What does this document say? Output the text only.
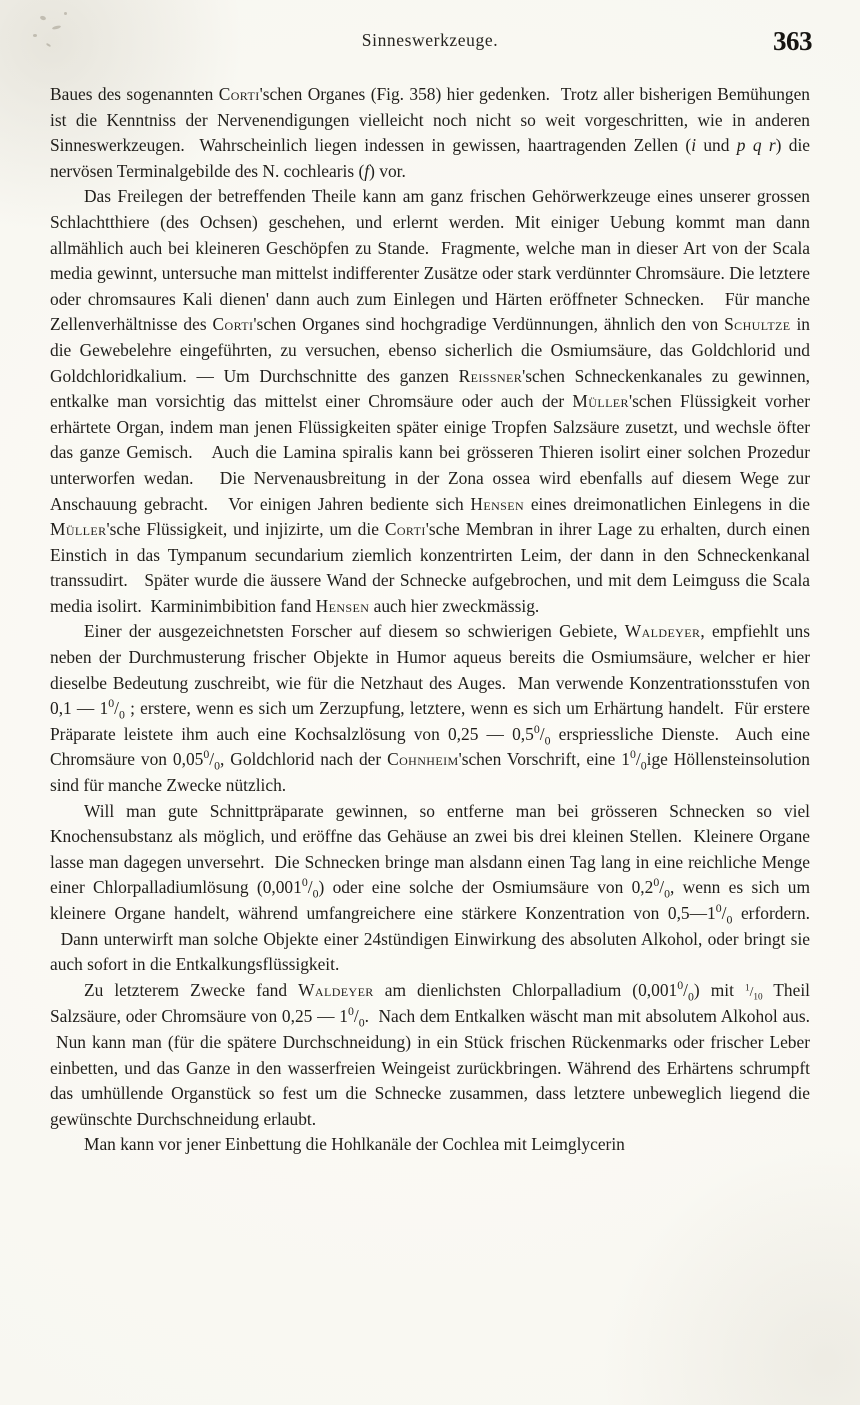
Sinneswerkzeuge.	363

Baues des sogenannten Corti'schen Organes (Fig. 358) hier gedenken.  Trotz aller bisherigen Bemühungen ist die Kenntniss der Nervenendigungen vielleicht noch nicht so weit vorgeschritten, wie in anderen Sinneswerkzeugen.  Wahrscheinlich liegen indessen in gewissen, haartragenden Zellen (i und p q r) die nervösen Terminalgebilde des N. cochlearis (f) vor.

Das Freilegen der betreffenden Theile kann am ganz frischen Gehörwerkzeuge eines unserer grossen Schlachtthiere (des Ochsen) geschehen, und erlernt werden. Mit einiger Uebung kommt man dann allmählich auch bei kleineren Geschöpfen zu Stande.  Fragmente, welche man in dieser Art von der Scala media gewinnt, untersuche man mittelst indifferenter Zusätze oder stark verdünnter Chromsäure. Die letztere oder chromsaures Kali dienen' dann auch zum Einlegen und Härten eröffneter Schnecken.   Für manche Zellenverhältnisse des Corti'schen Organes sind hochgradige Verdünnungen, ähnlich den von Schultze in die Gewebelehre eingeführten, zu versuchen, ebenso sicherlich die Osmiumsäure, das Goldchlorid und Goldchloridkalium. — Um Durchschnitte des ganzen Reissner'schen Schneckenkanales zu gewinnen, entkalke man vorsichtig das mittelst einer Chromsäure oder auch der Müller'schen Flüssigkeit vorher erhärtete Organ, indem man jenen Flüssigkeiten später einige Tropfen Salzsäure zusetzt, und wechsle öfter das ganze Gemisch.   Auch die Lamina spiralis kann bei grösseren Thieren isolirt einer solchen Prozedur unterworfen wedan.   Die Nervenausbreitung in der Zona ossea wird ebenfalls auf diesem Wege zur Anschauung gebracht.   Vor einigen Jahren bediente sich Hensen eines dreimonatlichen Einlegens in die Müller'sche Flüssigkeit, und injizirte, um die Corti'sche Membran in ihrer Lage zu erhalten, durch einen Einstich in das Tympanum secundarium ziemlich konzentrirten Leim, der dann in den Schneckenkanal transsudirt.   Später wurde die äussere Wand der Schnecke aufgebrochen, und mit dem Leimguss die Scala media isolirt.  Karminimbibition fand Hensen auch hier zweckmässig.

Einer der ausgezeichnetsten Forscher auf diesem so schwierigen Gebiete, Waldeyer, empfiehlt uns neben der Durchmusterung frischer Objekte in Humor aqueus bereits die Osmiumsäure, welcher er hier dieselbe Bedeutung zuschreibt, wie für die Netzhaut des Auges.  Man verwende Konzentrationsstufen von 0,1 — $1^0/_0$ ; erstere, wenn es sich um Zerzupfung, letztere, wenn es sich um Erhärtung handelt.  Für erstere Präparate leistete ihm auch eine Kochsalzlösung von 0,25 — $0,5^0/_0$ erspriessliche Dienste.  Auch eine Chromsäure von $0,05^0/_0$, Goldchlorid nach der Cohnheim'schen Vorschrift, eine $1^0/_0ige$ Höllensteinsolution sind für manche Zwecke nützlich.

Will man gute Schnittpräparate gewinnen, so entferne man bei grösseren Schnecken so viel Knochensubstanz als möglich, und eröffne das Gehäuse an zwei bis drei kleinen Stellen.  Kleinere Organe lasse man dagegen unversehrt.  Die Schnecken bringe man alsdann einen Tag lang in eine reichliche Menge einer Chlorpalladiumlösung $(0,001^0/_0)$ oder eine solche der Osmiumsäure von $0,2^0/_0$, wenn es sich um kleinere Organe handelt, während umfangreichere eine stärkere Konzentration von $0,5—1^0/_0$ erfordern.   Dann unterwirft man solche Objekte einer 24stündigen Einwirkung des absoluten Alkohol, oder bringt sie auch sofort in die Entkalkungsflüssigkeit.

Zu letzterem Zwecke fand Waldeyer am dienlichsten Chlorpalladium $(0,001^0/_0)$ mit $^1/_{10}$ Theil Salzsäure, oder Chromsäure von 0,25 — $1^0/_0$.  Nach dem Entkalken wäscht man mit absolutem Alkohol aus.  Nun kann man (für die spätere Durchschneidung) in ein Stück frischen Rückenmarks oder frischer Leber einbetten, und das Ganze in den wasserfreien Weingeist zurückbringen. Während des Erhärtens schrumpft das umhüllende Organstück so fest um die Schnecke zusammen, dass letztere unbeweglich liegend die gewünschte Durchschneidung erlaubt.

Man kann vor jener Einbettung die Hohlkanäle der Cochlea mit Leimglycerin
